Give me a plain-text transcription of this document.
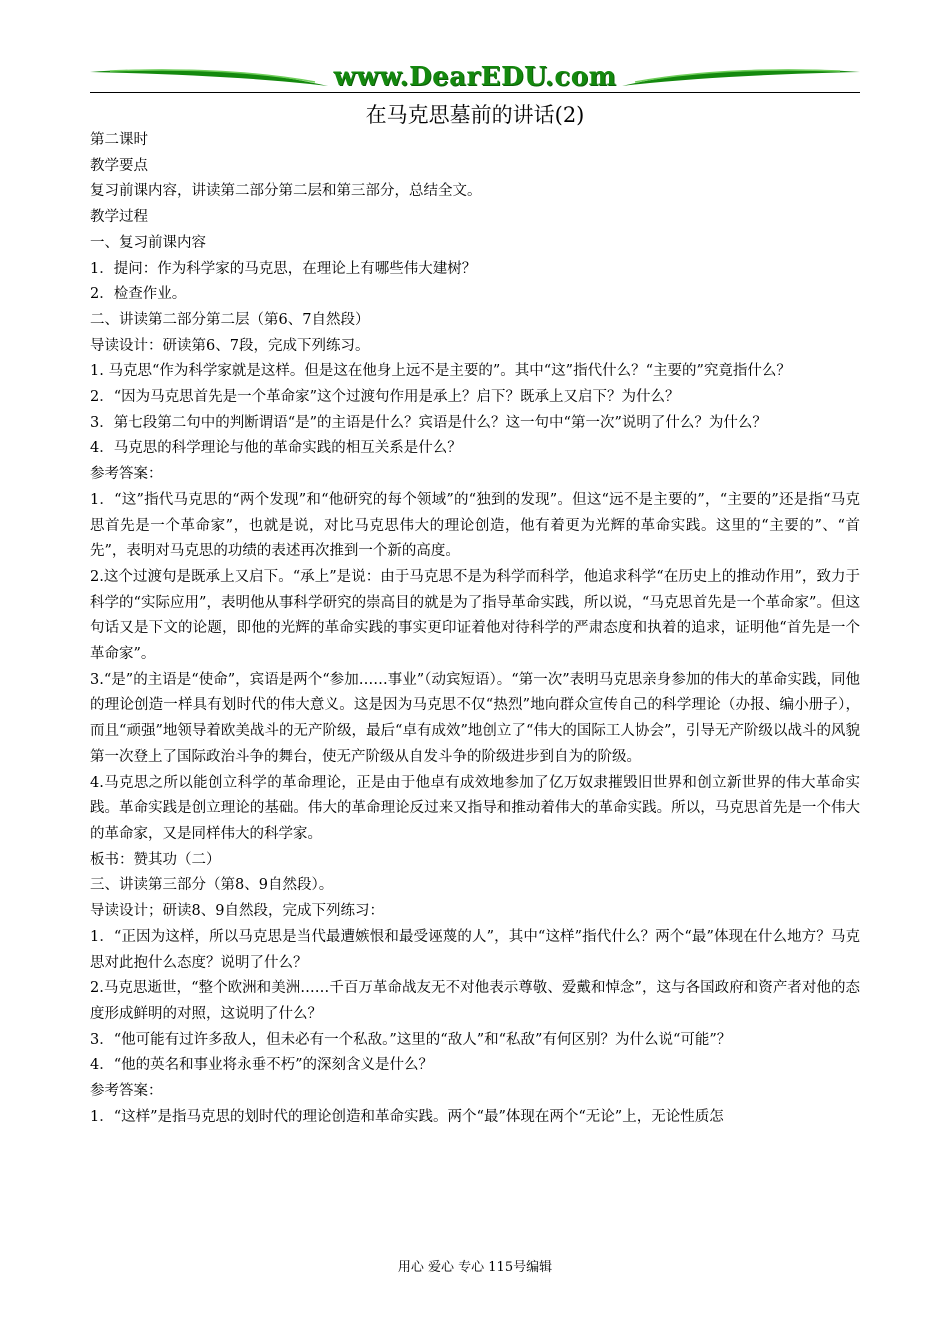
www.DearEDU.com
在马克思墓前的讲话(2)

第二课时

教学要点

复习前课内容，讲读第二部分第二层和第三部分，总结全文。

教学过程

一、复习前课内容

1．提问：作为科学家的马克思，在理论上有哪些伟大建树？

2．检查作业。

二、讲读第二部分第二层（第6、7自然段）

导读设计：研读第6、7段，完成下列练习。

1. 马克思“作为科学家就是这样。但是这在他身上远不是主要的”。其中“这”指代什么？“主要的”究竟指什么？

2．“因为马克思首先是一个革命家”这个过渡句作用是承上？启下？既承上又启下？为什么？

3．第七段第二句中的判断谓语“是”的主语是什么？宾语是什么？这一句中“第一次”说明了什么？为什么？

4．马克思的科学理论与他的革命实践的相互关系是什么？

参考答案：

1．“这”指代马克思的“两个发现”和“他研究的每个领域”的“独到的发现”。但这“远不是主要的”，“主要的”还是指“马克思首先是一个革命家”，也就是说，对比马克思伟大的理论创造，他有着更为光辉的革命实践。这里的“主要的”、“首先”，表明对马克思的功绩的表述再次推到一个新的高度。

2.这个过渡句是既承上又启下。“承上”是说：由于马克思不是为科学而科学，他追求科学“在历史上的推动作用”，致力于科学的“实际应用”，表明他从事科学研究的崇高目的就是为了指导革命实践，所以说，“马克思首先是一个革命家”。但这句话又是下文的论题，即他的光辉的革命实践的事实更印证着他对待科学的严肃态度和执着的追求，证明他“首先是一个革命家”。

3.“是”的主语是“使命”，宾语是两个“参加……事业”（动宾短语）。“第一次”表明马克思亲身参加的伟大的革命实践，同他的理论创造一样具有划时代的伟大意义。这是因为马克思不仅“热烈”地向群众宣传自己的科学理论（办报、编小册子），而且“顽强”地领导着欧美战斗的无产阶级，最后“卓有成效”地创立了“伟大的国际工人协会”，引导无产阶级以战斗的风貌第一次登上了国际政治斗争的舞台，使无产阶级从自发斗争的阶级进步到自为的阶级。

4.马克思之所以能创立科学的革命理论，正是由于他卓有成效地参加了亿万奴隶摧毁旧世界和创立新世界的伟大革命实践。革命实践是创立理论的基础。伟大的革命理论反过来又指导和推动着伟大的革命实践。所以，马克思首先是一个伟大的革命家，又是同样伟大的科学家。

板书：赞其功（二）

三、讲读第三部分（第8、9自然段）。

导读设计；研读8、9自然段，完成下列练习：

1．“正因为这样，所以马克思是当代最遭嫉恨和最受诬蔑的人”，其中“这样”指代什么？两个“最”体现在什么地方？马克思对此抱什么态度？说明了什么？

2.马克思逝世，“整个欧洲和美洲……千百万革命战友无不对他表示尊敬、爱戴和悼念”，这与各国政府和资产者对他的态度形成鲜明的对照，这说明了什么？

3．“他可能有过许多敌人，但未必有一个私敌。”这里的“敌人”和“私敌”有何区别？为什么说“可能”？

4．“他的英名和事业将永垂不朽”的深刻含义是什么？

参考答案：

1．“这样”是指马克思的划时代的理论创造和革命实践。两个“最”体现在两个“无论”上，无论性质怎

用心 爱心 专心 115号编辑
